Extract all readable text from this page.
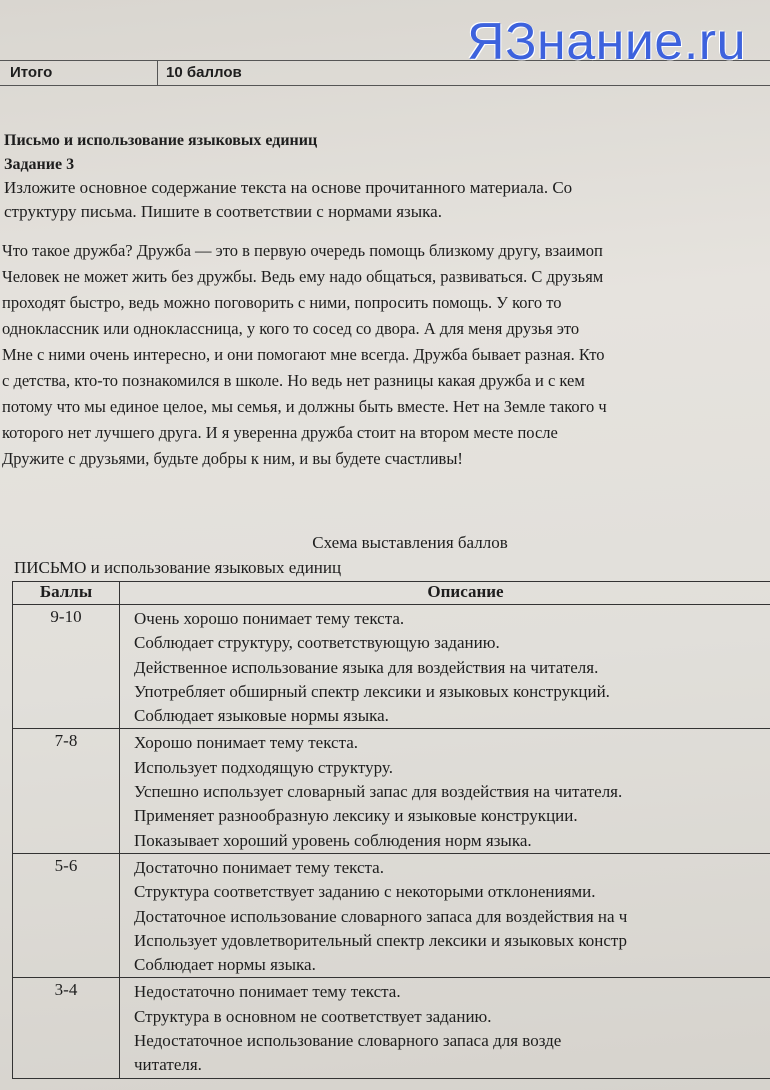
ЯЗнание.ru
Итого	10 баллов
Письмо и использование языковых единиц
Задание 3
Изложите основное содержание текста на основе прочитанного материала. Со
структуру письма. Пишите в соответствии с нормами языка.
Что такое дружба? Дружба — это в первую очередь помощь близкому другу, взаимоп
Человек не может жить без дружбы. Ведь ему надо общаться, развиваться. С друзьям
проходят быстро, ведь можно поговорить с ними, попросить помощь. У кого то
одноклассник или одноклассница, у кого то сосед со двора. А для меня друзья это
Мне с ними очень интересно, и они помогают мне всегда. Дружба бывает разная. Кто
с детства, кто-то познакомился в школе. Но ведь нет разницы какая дружба и с кем
потому что мы единое целое, мы семья, и должны быть вместе. Нет на Земле такого ч
которого нет лучшего друга. И я уверенна дружба стоит на втором месте после
Дружите с друзьями, будьте добры к ним, и вы будете счастливы!
Схема выставления баллов
ПИСЬМО и использование языковых единиц
Баллы	Описание
9-10	Очень хорошо понимает тему текста.
Соблюдает структуру, соответствующую заданию.
Действенное использование языка для воздействия на читателя.
Употребляет обширный спектр лексики и языковых конструкций.
Соблюдает языковые нормы языка.

7-8	Хорошо понимает тему текста.
Использует подходящую структуру.
Успешно использует словарный запас для воздействия на читателя.
Применяет разнообразную лексику и языковые конструкции.
Показывает хороший уровень соблюдения норм языка.

5-6	Достаточно понимает тему текста.
Структура соответствует заданию с некоторыми отклонениями.
Достаточное использование словарного запаса для воздействия на ч
Использует удовлетворительный спектр лексики и языковых констр
Соблюдает нормы языка.

3-4	Недостаточно понимает тему текста.
Структура в основном не соответствует заданию.
Недостаточное использование словарного запаса для возде
читателя.
